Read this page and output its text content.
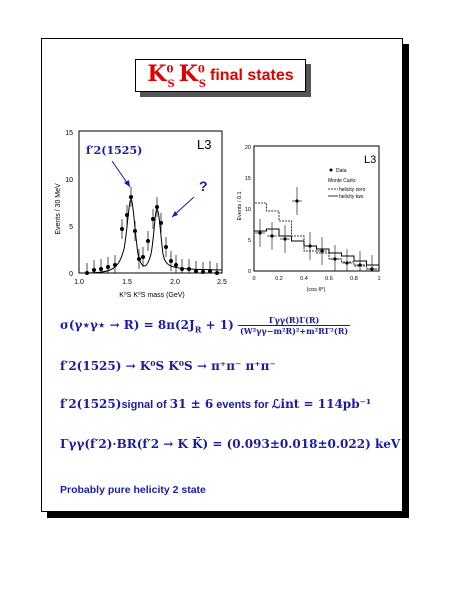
$K^0_S$ $K^0_S$
final states
Events / 30 MeV
K⁰S K⁰S mass (GeV)
0
5
10
15
1.0	1.5	2.0	2.5
L3
f′2(1525)
?
Events / 0.1
|cos θ*|
L3
Data
Monte Carlo:
helicity zero
helicity two
0
5
10
15
20
0	0.2	0.4	0.6	0.8	1
σ(γ⋆γ⋆ → $R) = 8\pi(2J_R + 1) \frac{\text{Γγγ(R)Γ(R)}}{\text{(W²γγ−m²R)²+m²RΓ²(R)}}$
f′2(1525) → K⁰S K⁰S → π⁺π⁻ π⁺π⁻
f′2(1525)signal of 31 ± 6 events for ℒint = 114pb⁻¹
Γγγ(f′2)·BR(f′2 → K K̄) = (0.093±0.018±0.022) keV
Probably pure helicity 2 state
